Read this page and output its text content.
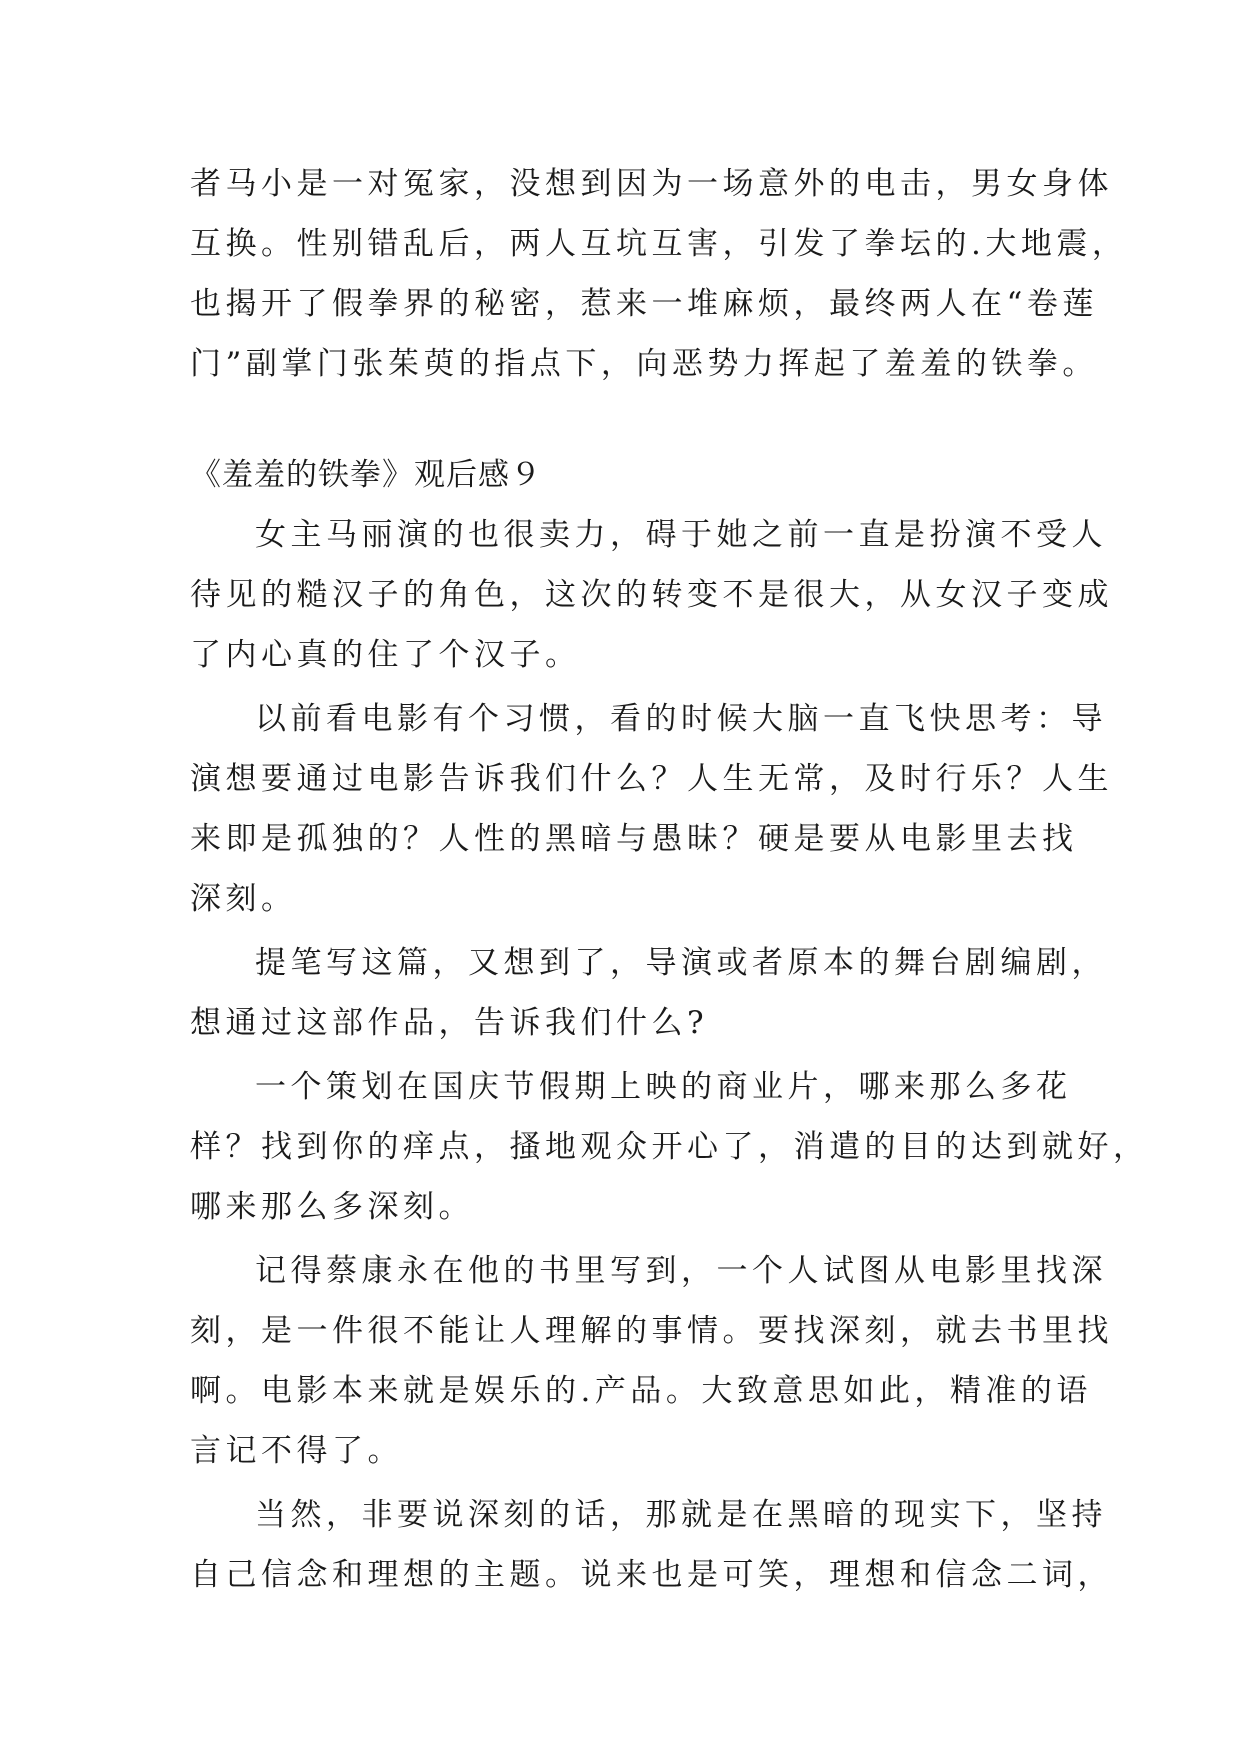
者马小是一对冤家，没想到因为一场意外的电击，男女身体
互换。性别错乱后，两人互坑互害，引发了拳坛的.大地震，
也揭开了假拳界的秘密，惹来一堆麻烦，最终两人在“卷莲
门”副掌门张茱萸的指点下，向恶势力挥起了羞羞的铁拳。
《羞羞的铁拳》观后感９
女主马丽演的也很卖力，碍于她之前一直是扮演不受人
待见的糙汉子的角色，这次的转变不是很大，从女汉子变成
了内心真的住了个汉子。
以前看电影有个习惯，看的时候大脑一直飞快思考：导
演想要通过电影告诉我们什么？人生无常，及时行乐？人生
来即是孤独的？人性的黑暗与愚昧？硬是要从电影里去找
深刻。
提笔写这篇，又想到了，导演或者原本的舞台剧编剧，
想通过这部作品，告诉我们什么?
一个策划在国庆节假期上映的商业片，哪来那么多花
样？找到你的痒点，搔地观众开心了，消遣的目的达到就好，
哪来那么多深刻。
记得蔡康永在他的书里写到，一个人试图从电影里找深
刻，是一件很不能让人理解的事情。要找深刻，就去书里找
啊。电影本来就是娱乐的.产品。大致意思如此，精准的语
言记不得了。
当然，非要说深刻的话，那就是在黑暗的现实下，坚持
自己信念和理想的主题。说来也是可笑，理想和信念二词，
